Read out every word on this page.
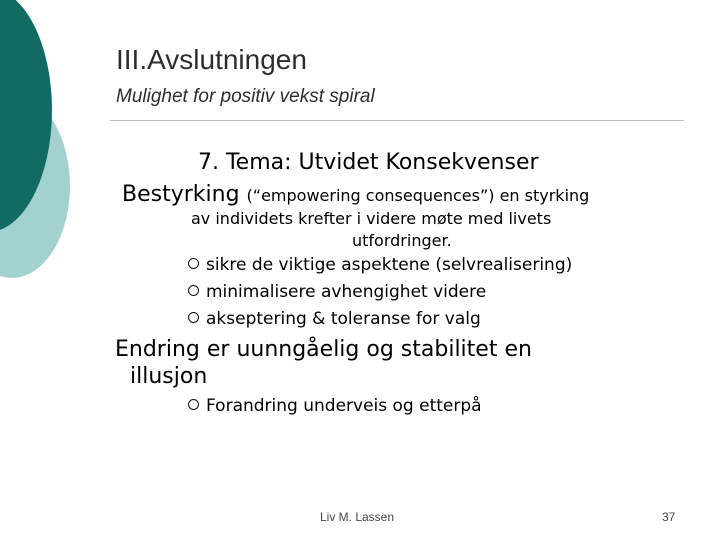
III.Avslutningen
Mulighet for positiv vekst spiral
7. Tema: Utvidet Konsekvenser
Bestyrking (“empowering consequences”) en styrking
av individets krefter i videre møte med livets
utfordringer.
sikre de viktige aspektene (selvrealisering)
minimalisere avhengighet videre
akseptering & toleranse for valg
Endring er uunngåelig og stabilitet en
illusjon
Forandring underveis og etterpå
Liv M. Lassen	37
